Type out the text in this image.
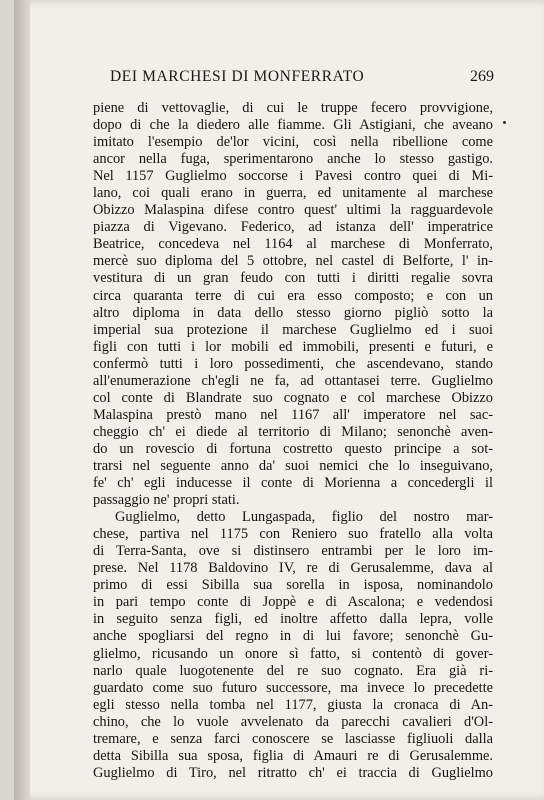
DEI MARCHESI DI MONFERRATO	269
piene di vettovaglie, di cui le truppe fecero provvigione,
dopo di che la diedero alle fiamme. Gli Astigiani, che aveano
imitato l'esempio de'lor vicini, così nella ribellione come
ancor nella fuga, sperimentarono anche lo stesso gastigo.
Nel 1157 Guglielmo soccorse i Pavesi contro quei di Mi-
lano, coi quali erano in guerra, ed unitamente al marchese
Obizzo Malaspina difese contro quest' ultimi la ragguardevole
piazza di Vigevano. Federico, ad istanza dell' imperatrice
Beatrice, concedeva nel 1164 al marchese di Monferrato,
mercè suo diploma del 5 ottobre, nel castel di Belforte, l' in-
vestitura di un gran feudo con tutti i diritti regalie sovra
circa quaranta terre di cui era esso composto; e con un
altro diploma in data dello stesso giorno pigliò sotto la
imperial sua protezione il marchese Guglielmo ed i suoi
figli con tutti i lor mobili ed immobili, presenti e futuri, e
confermò tutti i loro possedimenti, che ascendevano, stando
all'enumerazione ch'egli ne fa, ad ottantasei terre. Guglielmo
col conte di Blandrate suo cognato e col marchese Obizzo
Malaspina prestò mano nel 1167 all' imperatore nel sac-
cheggio ch' ei diede al territorio di Milano; senonchè aven-
do un rovescio di fortuna costretto questo principe a sot-
trarsi nel seguente anno da' suoi nemici che lo inseguivano,
fe' ch' egli inducesse il conte di Morienna a concedergli il
passaggio ne' propri stati.
Guglielmo, detto Lungaspada, figlio del nostro mar-
chese, partiva nel 1175 con Reniero suo fratello alla volta
di Terra-Santa, ove si distinsero entrambi per le loro im-
prese. Nel 1178 Baldovino IV, re di Gerusalemme, dava al
primo di essi Sibilla sua sorella in isposa, nominandolo
in pari tempo conte di Joppè e di Ascalona; e vedendosi
in seguito senza figli, ed inoltre affetto dalla lepra, volle
anche spogliarsi del regno in di lui favore; senonchè Gu-
glielmo, ricusando un onore sì fatto, si contentò di gover-
narlo quale luogotenente del re suo cognato. Era già ri-
guardato come suo futuro successore, ma invece lo precedette
egli stesso nella tomba nel 1177, giusta la cronaca di An-
chino, che lo vuole avvelenato da parecchi cavalieri d'Ol-
tremare, e senza farci conoscere se lasciasse figliuoli dalla
detta Sibilla sua sposa, figlia di Amauri re di Gerusalemme.
Guglielmo di Tiro, nel ritratto ch' ei traccia di Guglielmo
